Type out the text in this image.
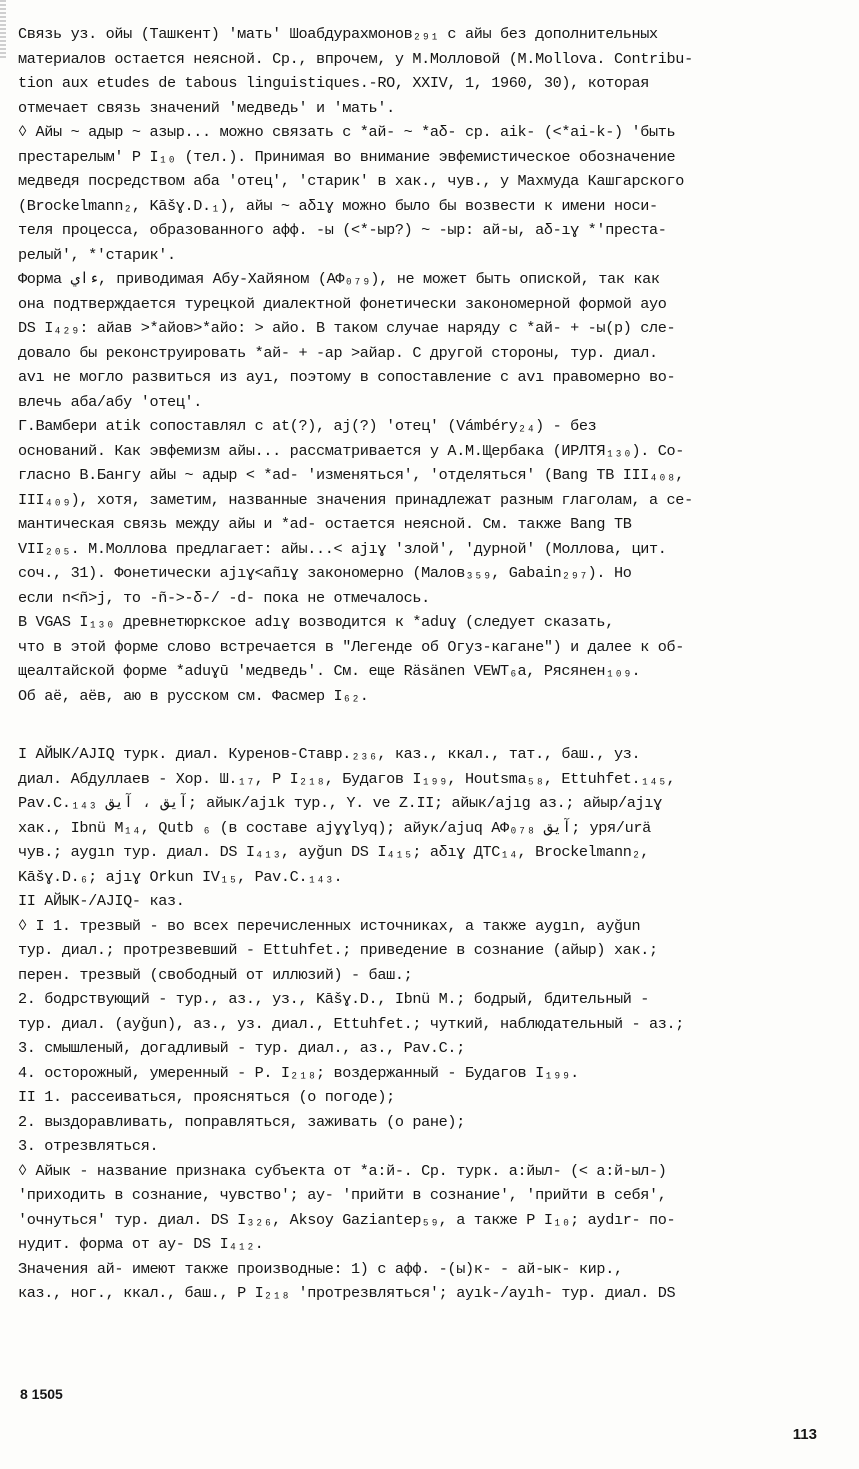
Связь уз. ойы (Ташкент) 'мать' Шоабдурахмонов₂₉₁ с айы без дополнительных
материалов остается неясной. Ср., впрочем, у М.Молловой (M.Mollova. Contribu-
tion aux etudes de tabous linguistiques.-RO, XXIV, 1, 1960, 30), которая
отмечает связь значений 'медведь' и 'мать'.
◊ Айы ~ адыр ~ азыр... можно связать с *ай- ~ *аδ- ср. aik- (<*ai-k-) 'быть
престарелым' Р I₁₀ (тел.). Принимая во внимание эвфемистическое обозначение
медведя посредством аба 'отец', 'старик' в хак., чув., у Махмуда Кашгарского
(Brockelmann₂, Kāšɣ.D.₁), айы ~ aδıɣ можно было бы возвести к имени носи-
теля процесса, образованного афф. -ы (<*-ыр?) ~ -ыр: ай-ы, aδ-ıɣ *'преста-
релый', *'старик'.
Форма ءاي, приводимая Абу-Хайяном (АФ₀₇₉), не может быть опиской, так как
она подтверждается турецкой диалектной фонетически закономерной формой ayo
DS I₄₂₉: айав >*айов>*айо: > айо. В таком случае наряду с *ай- + -ы(р) сле-
довало бы реконструировать *ай- + -ар >айар. С другой стороны, тур. диал.
avı не могло развиться из ayı, поэтому в сопоставление с avı правомерно во-
влечь аба/абу 'отец'.
Г.Вамбери atik сопоставлял с at(?), aj(?) 'отец' (Vámbéry₂₄) - без
оснований. Как эвфемизм айы... рассматривается у А.М.Щербака (ИРЛТЯ₁₃₀). Со-
гласно В.Бангу айы ~ адыр < *ad- 'изменяться', 'отделяться' (Bang TB III₄₀₈,
III₄₀₉), хотя, заметим, названные значения принадлежат разным глаголам, а се-
мантическая связь между айы и *ad- остается неясной. См. также Bang TB
VII₂₀₅. М.Моллова предлагает: айы...< ajıɣ 'злой', 'дурной' (Моллова, цит.
соч., 31). Фонетически ajıɣ<añıɣ закономерно (Малов₃₅₉, Gabain₂₉₇). Но
если n<ñ>j, то -ñ->-δ-/ -d- пока не отмечалось.
В VGAS I₁₃₀ древнетюркское adıɣ возводится к *aduɣ (следует сказать,
что в этой форме слово встречается в "Легенде об Огуз-кагане") и далее к об-
щеалтайской форме *aduɣū 'медведь'. См. еще Räsänen VEWT₆а, Рясянен₁₀₉.
Об аё, аёв, аю в русском см. Фасмер I₆₂.
I АЙЫК/AJIQ турк. диал. Куренов-Ставр.₂₃₆, каз., ккал., тат., баш., уз.
диал. Абдуллаев - Хор. Ш.₁₇, Р I₂₁₈, Будагов I₁₉₉, Houtsma₅₈, Ettuhfet.₁₄₅,
Pav.C.₁₄₃ آيق ، آيق; айык/ajık тур., Y. ve Z.II; айык/ajıɡ аз.; айыр/ajıɣ
хак., Ibnü M₁₄, Qutb ₆ (в составе ajɣɣlyq); айук/ajuq АФ₀₇₈ آيق; уря/urä
чув.; aygın тур. диал. DS I₄₁₃, ayğun DS I₄₁₅; aδıɣ ДТС₁₄, Brockelmann₂,
Kāšɣ.D.₆; ajıɣ Orkun IV₁₅, Pav.C.₁₄₃.
II АЙЫК-/AJIQ- каз.
◊ I 1. трезвый - во всех перечисленных источниках, а также aygın, ayğun
тур. диал.; протрезвевший - Ettuhfet.; приведение в сознание (айыр) хак.;
перен. трезвый (свободный от иллюзий) - баш.;
2. бодрствующий - тур., аз., уз., Kāšɣ.D., Ibnü M.; бодрый, бдительный -
тур. диал. (ayğun), аз., уз. диал., Ettuhfet.; чуткий, наблюдательный - аз.;
3. смышленый, догадливый - тур. диал., аз., Pav.C.;
4. осторожный, умеренный - Р. I₂₁₈; воздержанный - Будагов I₁₉₉.
II 1. рассеиваться, проясняться (о погоде);
2. выздоравливать, поправляться, заживать (о ране);
3. отрезвляться.
◊ Айык - название признака субъекта от *а:й-. Ср. турк. а:йыл- (< а:й-ыл-)
'приходить в сознание, чувство'; ay- 'прийти в сознание', 'прийти в себя',
'очнуться' тур. диал. DS I₃₂₆, Aksoy Gaziantep₅₉, а также Р I₁₀; aydır- по-
нудит. форма от ay- DS I₄₁₂.
Значения ай- имеют также производные: 1) с афф. -(ы)к- - ай-ык- кир.,
каз., ног., ккал., баш., Р I₂₁₈ 'протрезвляться'; ayık-/ayıh- тур. диал. DS
8 1505
113
